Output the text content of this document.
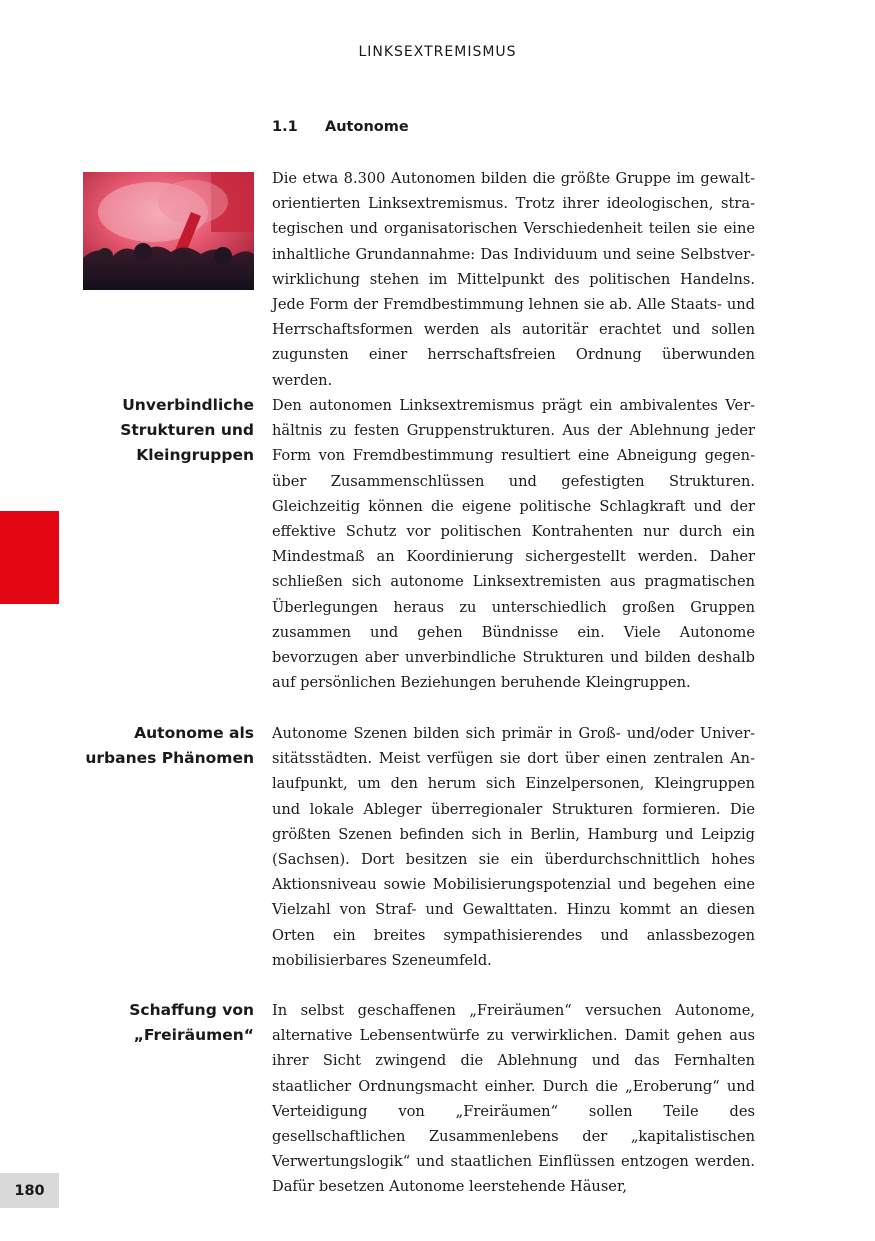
LINKSEXTREMISMUS
1.1 Autonome
Die etwa 8.300 Autonomen bilden die größte Gruppe im gewaltorientierten Linksextremismus. Trotz ihrer ideologischen, strategischen und organisatorischen Verschiedenheit teilen sie eine inhaltliche Grundannahme: Das Individuum und seine Selbstverwirklichung stehen im Mittelpunkt des politischen Handelns. Jede Form der Fremdbestimmung lehnen sie ab. Alle Staats- und Herrschaftsformen werden als autoritär erachtet und sollen zugunsten einer herrschaftsfreien Ordnung überwunden werden.
Unverbindliche
Strukturen und
Kleingruppen
Den autonomen Linksextremismus prägt ein ambivalentes Verhältnis zu festen Gruppenstrukturen. Aus der Ablehnung jeder Form von Fremdbestimmung resultiert eine Abneigung gegenüber Zusammenschlüssen und gefestigten Strukturen. Gleichzeitig können die eigene politische Schlagkraft und der effektive Schutz vor politischen Kontrahenten nur durch ein Mindestmaß an Koordinierung sichergestellt werden. Daher schließen sich autonome Linksextremisten aus pragmatischen Überlegungen heraus zu unterschiedlich großen Gruppen zusammen und gehen Bündnisse ein. Viele Autonome bevorzugen aber unverbindliche Strukturen und bilden deshalb auf persönlichen Beziehungen beruhende Kleingruppen.
Autonome als
urbanes Phänomen
Autonome Szenen bilden sich primär in Groß- und/oder Universitätsstädten. Meist verfügen sie dort über einen zentralen Anlaufpunkt, um den herum sich Einzelpersonen, Kleingruppen und lokale Ableger überregionaler Strukturen formieren. Die größten Szenen befinden sich in Berlin, Hamburg und Leipzig (Sachsen). Dort besitzen sie ein überdurchschnittlich hohes Aktionsniveau sowie Mobilisierungspotenzial und begehen eine Vielzahl von Straf- und Gewalttaten. Hinzu kommt an diesen Orten ein breites sympathisierendes und anlassbezogen mobilisierbares Szeneumfeld.
Schaffung von
„Freiräumen“
In selbst geschaffenen „Freiräumen“ versuchen Autonome, alternative Lebensentwürfe zu verwirklichen. Damit gehen aus ihrer Sicht zwingend die Ablehnung und das Fernhalten staatlicher Ordnungsmacht einher. Durch die „Eroberung“ und Verteidigung von „Freiräumen“ sollen Teile des gesellschaftlichen Zusammenlebens der „kapitalistischen Verwertungslogik“ und staatlichen Einflüssen entzogen werden. Dafür besetzen Autonome leerstehende Häuser,
180
